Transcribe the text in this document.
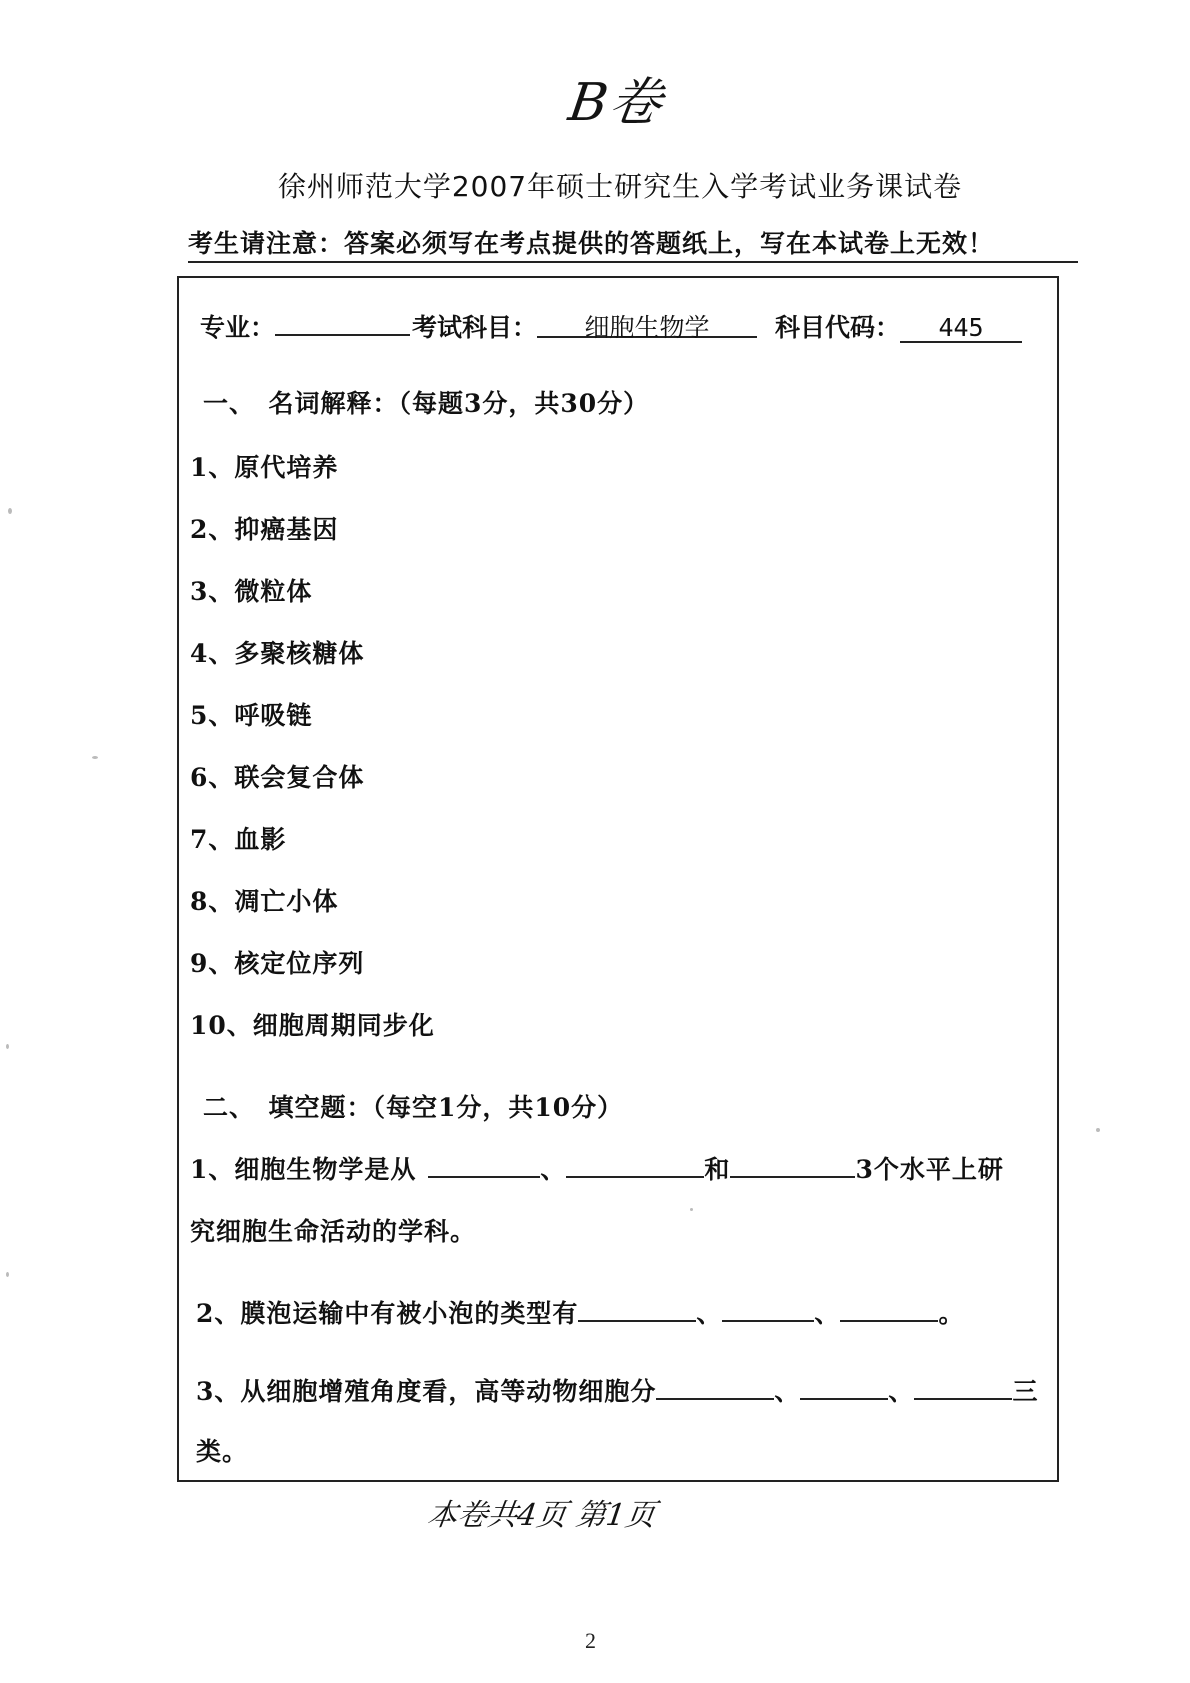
B卷
徐州师范大学2007年硕士研究生入学考试业务课试卷
考生请注意：答案必须写在考点提供的答题纸上，写在本试卷上无效！
专业：	考试科目： 细胞生物学	科目代码： 445
一、　名词解释：（每题3分，共30分）
1、原代培养
2、抑癌基因
3、微粒体
4、多聚核糖体
5、呼吸链
6、联会复合体
7、血影
8、凋亡小体
9、核定位序列
10、细胞周期同步化
二、　填空题：（每空1分，共10分）
1、细胞生物学是从	、	和	3个水平上研
究细胞生命活动的学科。
2、膜泡运输中有被小泡的类型有	、	、	。
3、从细胞增殖角度看，高等动物细胞分	、	、	三
类。
本卷共4页 第1页
2
